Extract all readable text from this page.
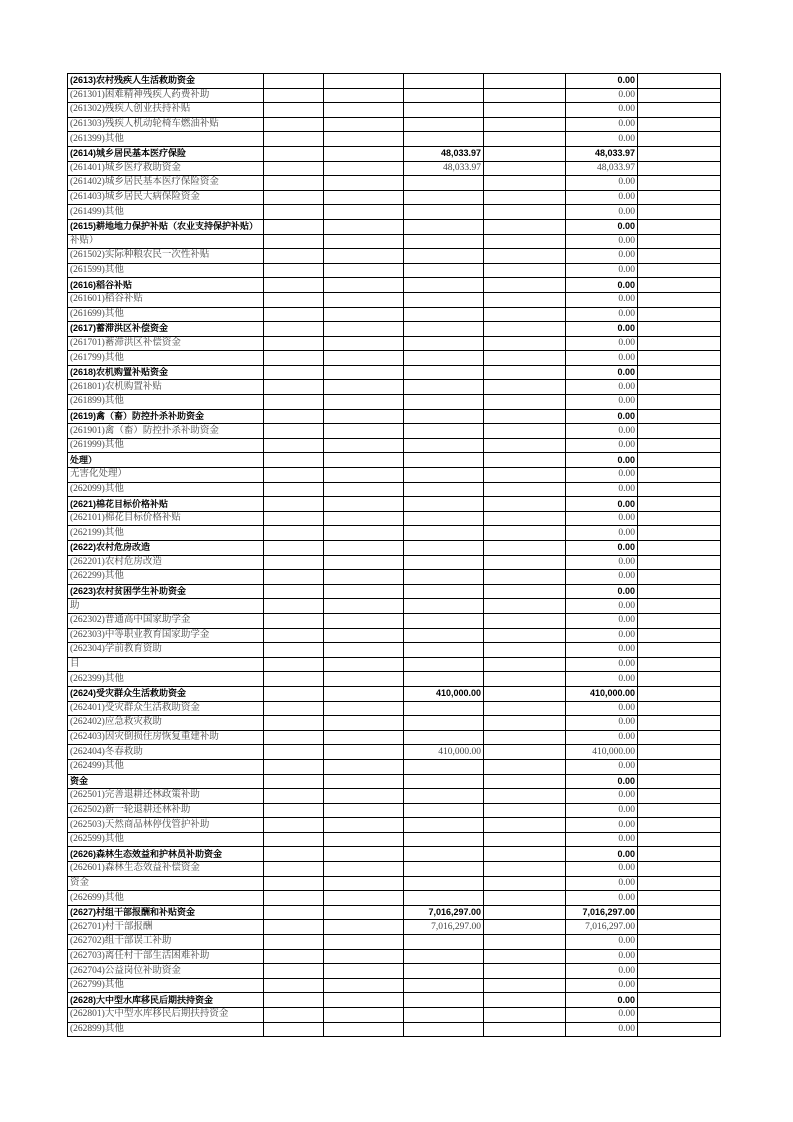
(2613)农村残疾人生活救助资金					0.00	
(261301)困难精神残疾人药费补助					0.00	
(261302)残疾人创业扶持补贴					0.00	
(261303)残疾人机动轮椅车燃油补贴					0.00	
(261399)其他					0.00	
(2614)城乡居民基本医疗保险			48,033.97		48,033.97	
(261401)城乡医疗救助资金			48,033.97		48,033.97	
(261402)城乡居民基本医疗保险资金					0.00	
(261403)城乡居民大病保险资金					0.00	
(261499)其他					0.00	
(2615)耕地地力保护补贴（农业支持保护补贴）					0.00	
补贴）					0.00	
(261502)实际种粮农民一次性补贴					0.00	
(261599)其他					0.00	
(2616)稻谷补贴					0.00	
(261601)稻谷补贴					0.00	
(261699)其他					0.00	
(2617)蓄滞洪区补偿资金					0.00	
(261701)蓄滞洪区补偿资金					0.00	
(261799)其他					0.00	
(2618)农机购置补贴资金					0.00	
(261801)农机购置补贴					0.00	
(261899)其他					0.00	
(2619)禽（畜）防控扑杀补助资金					0.00	
(261901)禽（畜）防控扑杀补助资金					0.00	
(261999)其他					0.00	
处理）					0.00	
无害化处理）					0.00	
(262099)其他					0.00	
(2621)棉花目标价格补贴					0.00	
(262101)棉花目标价格补贴					0.00	
(262199)其他					0.00	
(2622)农村危房改造					0.00	
(262201)农村危房改造					0.00	
(262299)其他					0.00	
(2623)农村贫困学生补助资金					0.00	
助					0.00	
(262302)普通高中国家助学金					0.00	
(262303)中等职业教育国家助学金					0.00	
(262304)学前教育资助					0.00	
目					0.00	
(262399)其他					0.00	
(2624)受灾群众生活救助资金			410,000.00		410,000.00	
(262401)受灾群众生活救助资金					0.00	
(262402)应急救灾救助					0.00	
(262403)因灾倒损住房恢复重建补助					0.00	
(262404)冬春救助			410,000.00		410,000.00	
(262499)其他					0.00	
资金					0.00	
(262501)完善退耕还林政策补助					0.00	
(262502)新一轮退耕还林补助					0.00	
(262503)天然商品林停伐管护补助					0.00	
(262599)其他					0.00	
(2626)森林生态效益和护林员补助资金					0.00	
(262601)森林生态效益补偿资金					0.00	
资金					0.00	
(262699)其他					0.00	
(2627)村组干部报酬和补贴资金			7,016,297.00		7,016,297.00	
(262701)村干部报酬			7,016,297.00		7,016,297.00	
(262702)组干部误工补助					0.00	
(262703)离任村干部生活困难补助					0.00	
(262704)公益岗位补助资金					0.00	
(262799)其他					0.00	
(2628)大中型水库移民后期扶持资金					0.00	
(262801)大中型水库移民后期扶持资金					0.00	
(262899)其他					0.00	
